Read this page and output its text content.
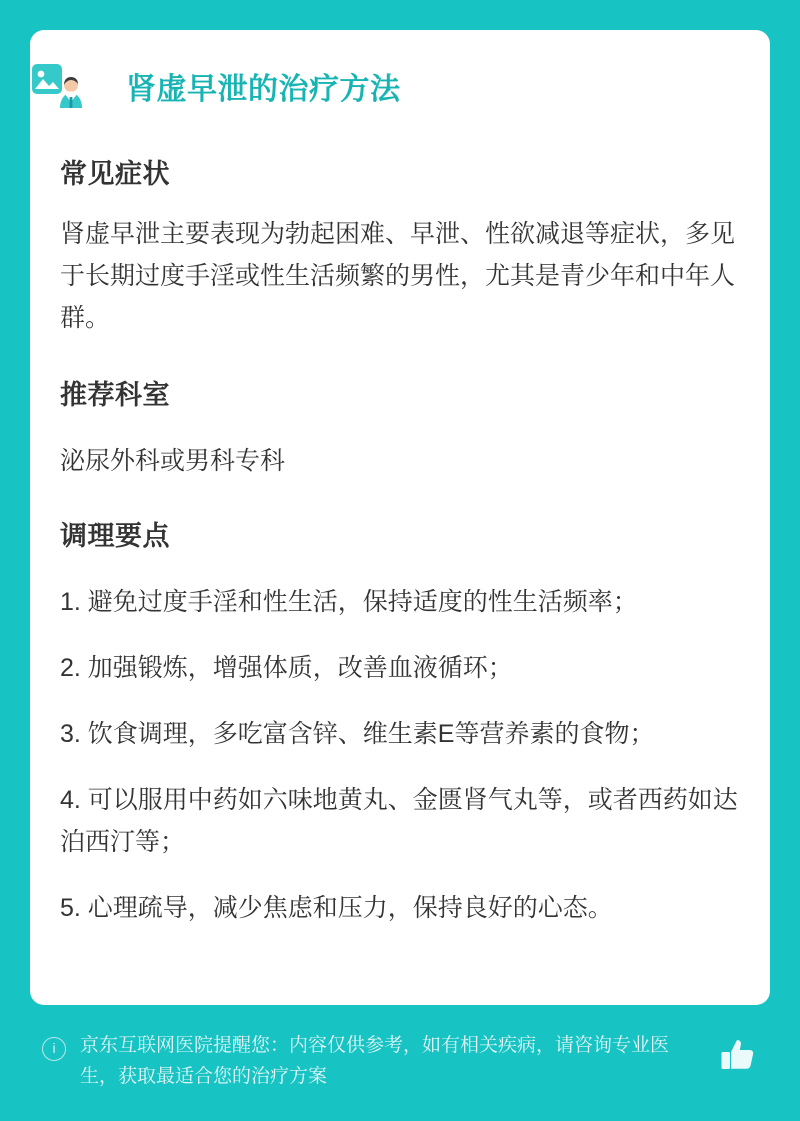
肾虚早泄的治疗方法
常见症状

肾虚早泄主要表现为勃起困难、早泄、性欲减退等症状，多见于长期过度手淫或性生活频繁的男性，尤其是青少年和中年人群。

推荐科室

泌尿外科或男科专科

调理要点
1. 避免过度手淫和性生活，保持适度的性生活频率；
2. 加强锻炼，增强体质，改善血液循环；
3. 饮食调理，多吃富含锌、维生素E等营养素的食物；
4. 可以服用中药如六味地黄丸、金匮肾气丸等，或者西药如达泊西汀等；
5. 心理疏导，减少焦虑和压力，保持良好的心态。
i	京东互联网医院提醒您：内容仅供参考，如有相关疾病，请咨询专业医生，获取最适合您的治疗方案
